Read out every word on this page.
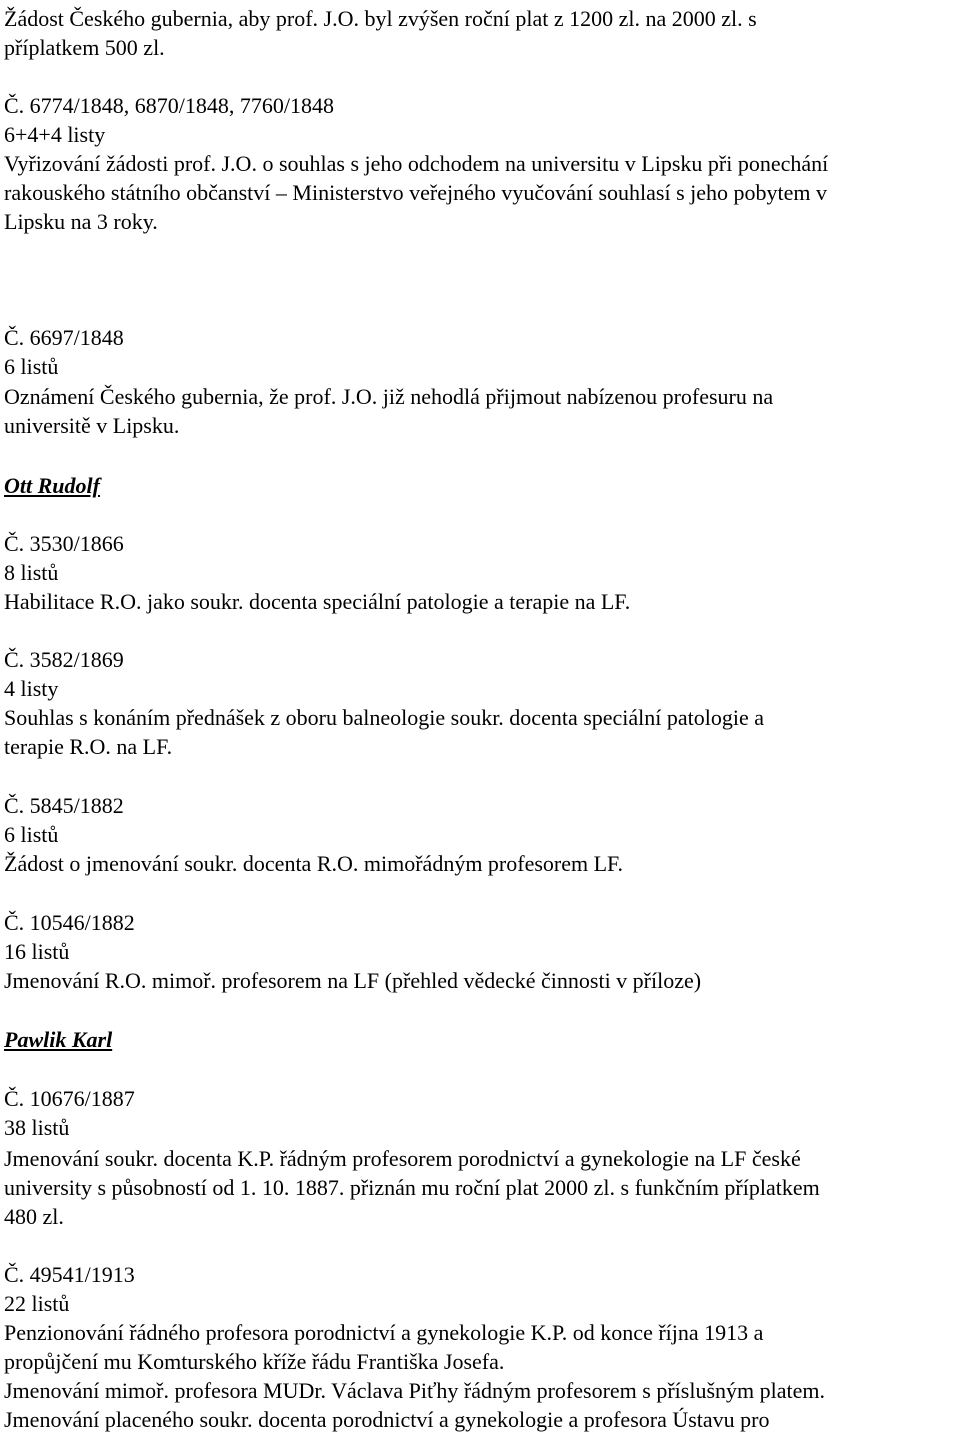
Žádost Českého gubernia, aby prof. J.O. byl zvýšen roční plat z 1200 zl. na 2000 zl. s
příplatkem 500 zl.
Č. 6774/1848, 6870/1848, 7760/1848
6+4+4 listy
Vyřizování žádosti prof. J.O. o souhlas s jeho odchodem na universitu v Lipsku při ponechání
rakouského státního občanství – Ministerstvo veřejného vyučování souhlasí s jeho pobytem v
Lipsku na 3 roky.
Č. 6697/1848
6 listů
Oznámení Českého gubernia, že prof. J.O. již nehodlá přijmout nabízenou profesuru na
universitě v Lipsku.
Ott Rudolf
Č. 3530/1866
8 listů
Habilitace R.O. jako soukr. docenta speciální patologie a terapie na LF.
Č. 3582/1869
4 listy
Souhlas s konáním přednášek z oboru balneologie soukr. docenta speciální patologie a
terapie R.O. na LF.
Č. 5845/1882
6 listů
Žádost o jmenování soukr. docenta R.O. mimořádným profesorem LF.
Č. 10546/1882
16 listů
Jmenování R.O. mimoř. profesorem na LF (přehled vědecké činnosti v příloze)
Pawlik Karl
Č. 10676/1887
38 listů
Jmenování soukr. docenta K.P. řádným profesorem porodnictví a gynekologie na LF české
university s působností od 1. 10. 1887. přiznán mu roční plat 2000 zl. s funkčním příplatkem
480 zl.
Č. 49541/1913
22 listů
Penzionování řádného profesora porodnictví a gynekologie K.P. od konce října 1913 a
propůjčení mu Komturského kříže řádu Františka Josefa.
Jmenování mimoř. profesora MUDr. Václava Piťhy řádným profesorem s příslušným platem.
Jmenování placeného soukr. docenta porodnictví a gynekologie a profesora Ústavu pro
